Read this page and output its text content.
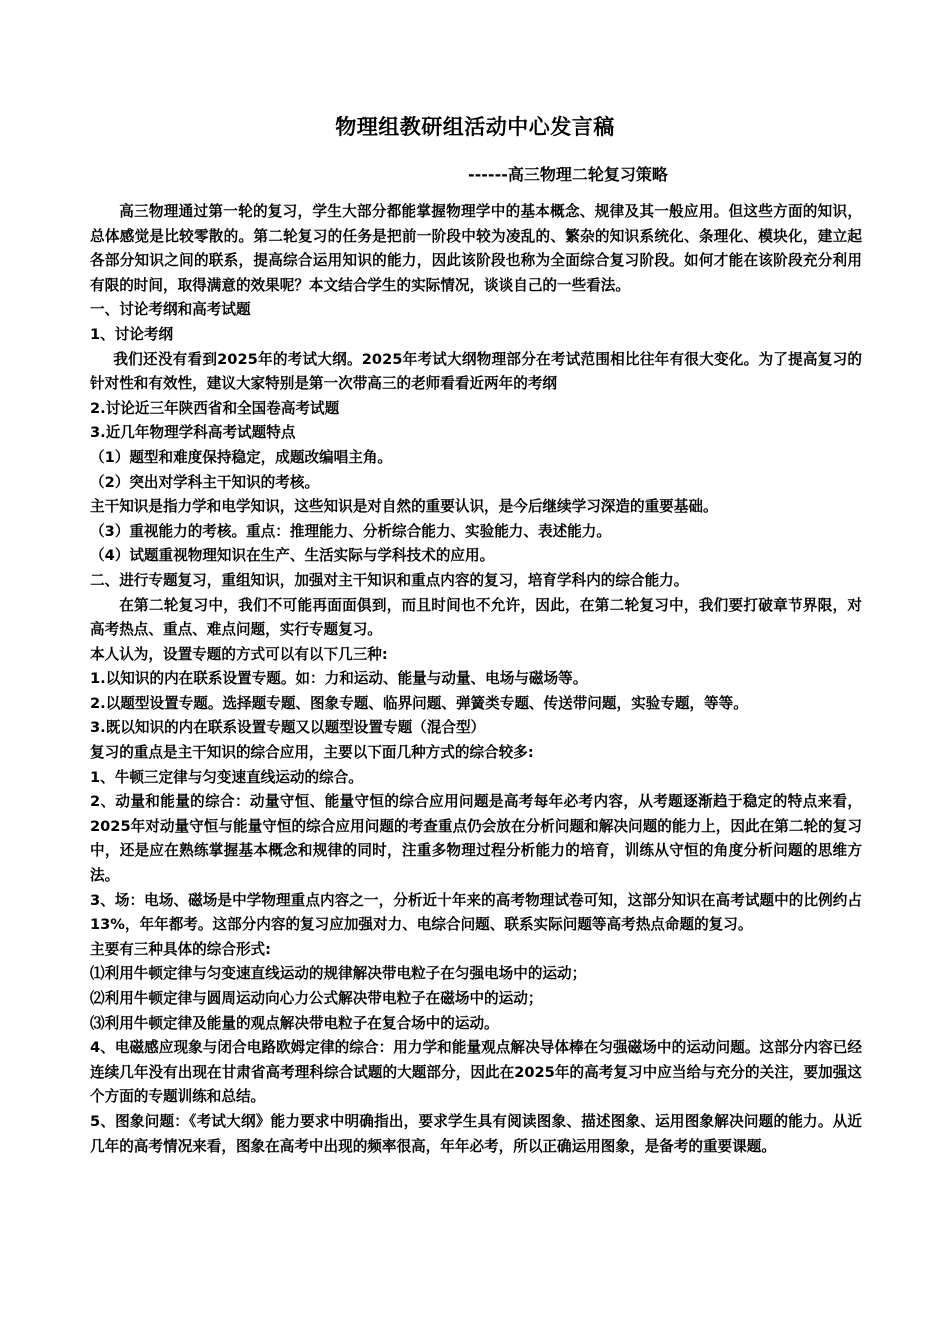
物理组教研组活动中心发言稿
------高三物理二轮复习策略

高三物理通过第一轮的复习，学生大部分都能掌握物理学中的基本概念、规律及其一般应用。但这些方面的知识，总体感觉是比较零散的。第二轮复习的任务是把前一阶段中较为凌乱的、繁杂的知识系统化、条理化、模块化，建立起各部分知识之间的联系，提高综合运用知识的能力，因此该阶段也称为全面综合复习阶段。如何才能在该阶段充分利用有限的时间，取得满意的效果呢？本文结合学生的实际情况，谈谈自己的一些看法。

一、讨论考纲和高考试题

1、讨论考纲

我们还没有看到2025年的考试大纲。2025年考试大纲物理部分在考试范围相比往年有很大变化。为了提高复习的针对性和有效性，建议大家特别是第一次带高三的老师看看近两年的考纲

2.讨论近三年陕西省和全国卷高考试题

3.近几年物理学科高考试题特点

（1）题型和难度保持稳定，成题改编唱主角。

（2）突出对学科主干知识的考核。

主干知识是指力学和电学知识，这些知识是对自然的重要认识，是今后继续学习深造的重要基础。

（3）重视能力的考核。重点：推理能力、分析综合能力、实验能力、表述能力。

（4）试题重视物理知识在生产、生活实际与学科技术的应用。

二、进行专题复习，重组知识，加强对主干知识和重点内容的复习，培育学科内的综合能力。

在第二轮复习中，我们不可能再面面俱到，而且时间也不允许，因此，在第二轮复习中，我们要打破章节界限，对高考热点、重点、难点问题，实行专题复习。

本人认为，设置专题的方式可以有以下几三种:

1.以知识的内在联系设置专题。如：力和运动、能量与动量、电场与磁场等。

2.以题型设置专题。选择题专题、图象专题、临界问题、弹簧类专题、传送带问题，实验专题，等等。

3.既以知识的内在联系设置专题又以题型设置专题（混合型）

复习的重点是主干知识的综合应用，主要以下面几种方式的综合较多:

1、牛顿三定律与匀变速直线运动的综合。

2、动量和能量的综合：动量守恒、能量守恒的综合应用问题是高考每年必考内容，从考题逐渐趋于稳定的特点来看，2025年对动量守恒与能量守恒的综合应用问题的考查重点仍会放在分析问题和解决问题的能力上，因此在第二轮的复习中，还是应在熟练掌握基本概念和规律的同时，注重多物理过程分析能力的培育，训练从守恒的角度分析问题的思维方法。

3、场：电场、磁场是中学物理重点内容之一，分析近十年来的高考物理试卷可知，这部分知识在高考试题中的比例约占13%，年年都考。这部分内容的复习应加强对力、电综合问题、联系实际问题等高考热点命题的复习。

主要有三种具体的综合形式:

⑴利用牛顿定律与匀变速直线运动的规律解决带电粒子在匀强电场中的运动；

⑵利用牛顿定律与圆周运动向心力公式解决带电粒子在磁场中的运动；

⑶利用牛顿定律及能量的观点解决带电粒子在复合场中的运动。

4、电磁感应现象与闭合电路欧姆定律的综合：用力学和能量观点解决导体棒在匀强磁场中的运动问题。这部分内容已经连续几年没有出现在甘肃省高考理科综合试题的大题部分，因此在2025年的高考复习中应当给与充分的关注，要加强这个方面的专题训练和总结。

5、图象问题：《考试大纲》能力要求中明确指出，要求学生具有阅读图象、描述图象、运用图象解决问题的能力。从近几年的高考情况来看，图象在高考中出现的频率很高，年年必考，所以正确运用图象，是备考的重要课题。
